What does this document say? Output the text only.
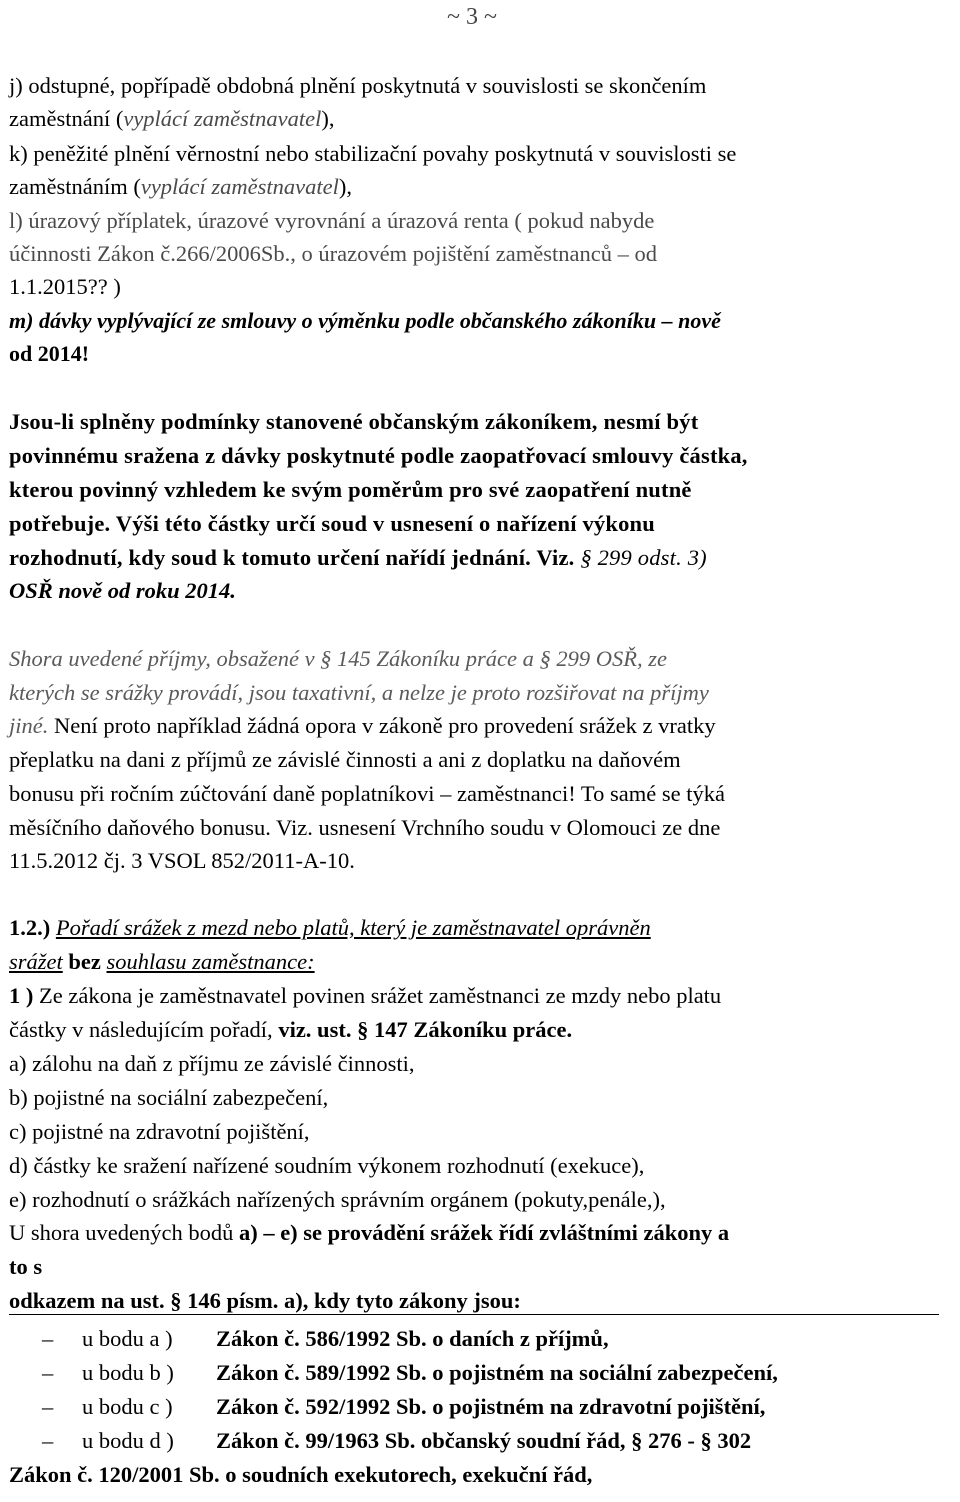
~ 3 ~
j) odstupné, popřípadě obdobná plnění poskytnutá v souvislosti se skončením
zaměstnání (vyplácí zaměstnavatel),
k) peněžité plnění věrnostní nebo stabilizační povahy poskytnutá v souvislosti se
zaměstnáním (vyplácí zaměstnavatel),
l) úrazový příplatek, úrazové vyrovnání a úrazová renta ( pokud nabyde
účinnosti Zákon č.266/2006Sb., o úrazovém pojištění zaměstnanců – od
1.1.2015?? )
m) dávky vyplývající ze smlouvy o výměnku podle občanského zákoníku – nově
od 2014!
Jsou-li splněny podmínky stanovené občanským zákoníkem, nesmí být
povinnému sražena z dávky poskytnuté podle zaopatřovací smlouvy částka,
kterou povinný vzhledem ke svým poměrům pro své zaopatření nutně
potřebuje. Výši této částky určí soud v usnesení o nařízení výkonu
rozhodnutí, kdy soud k tomuto určení nařídí jednání. Viz. § 299 odst. 3)
OSŘ nově od roku 2014.
Shora uvedené příjmy, obsažené v § 145 Zákoníku práce a § 299 OSŘ, ze
kterých se srážky provádí, jsou taxativní, a nelze je proto rozšiřovat na příjmy
jiné. Není proto například žádná opora v zákoně pro provedení srážek z vratky
přeplatku na dani z příjmů ze závislé činnosti a ani z doplatku na daňovém
bonusu při ročním zúčtování daně poplatníkovi – zaměstnanci! To samé se týká
měsíčního daňového bonusu. Viz. usnesení Vrchního soudu v Olomouci ze dne
11.5.2012 čj. 3 VSOL 852/2011-A-10.
1.2.) Pořadí srážek z mezd nebo platů, který je zaměstnavatel oprávněn
srážet bez souhlasu zaměstnance:
1 ) Ze zákona je zaměstnavatel povinen srážet zaměstnanci ze mzdy nebo platu
částky v následujícím pořadí, viz. ust. § 147 Zákoníku práce.
a) zálohu na daň z příjmu ze závislé činnosti,
b) pojistné na sociální zabezpečení,
c) pojistné na zdravotní pojištění,
d) částky ke sražení nařízené soudním výkonem rozhodnutí (exekuce),
e) rozhodnutí o srážkách nařízených správním orgánem (pokuty,penále,),
U shora uvedených bodů a) – e) se provádění srážek řídí zvláštními zákony a
to s
odkazem na ust. § 146 písm. a), kdy tyto zákony jsou:
– u bodu a ) Zákon č. 586/1992 Sb. o daních z příjmů,
– u bodu b ) Zákon č. 589/1992 Sb. o pojistném na sociální zabezpečení,
– u bodu c ) Zákon č. 592/1992 Sb. o pojistném na zdravotní pojištění,
– u bodu d ) Zákon č. 99/1963 Sb. občanský soudní řád, § 276 - § 302
Zákon č. 120/2001 Sb. o soudních exekutorech, exekuční řád,
